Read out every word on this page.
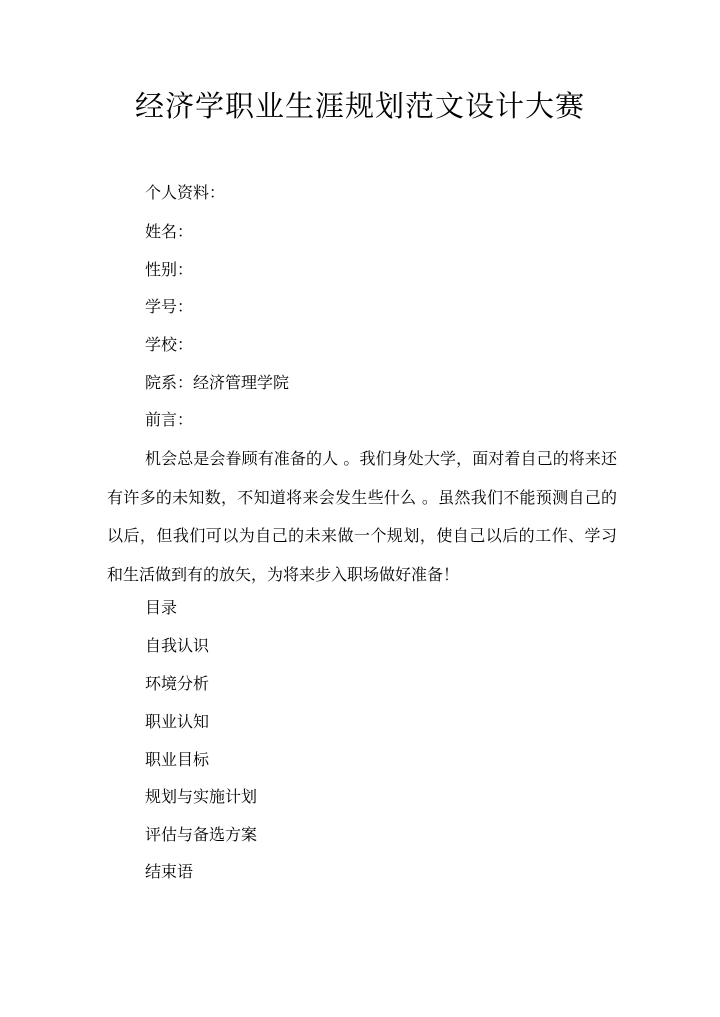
经济学职业生涯规划范文设计大赛

个人资料：

姓名：

性别：

学号：

学校：

院系：经济管理学院

前言：

机会总是会眷顾有准备的人 。我们身处大学，面对着自己的将来还有许多的未知数，不知道将来会发生些什么 。虽然我们不能预测自己的以后，但我们可以为自己的未来做一个规划，使自己以后的工作、学习和生活做到有的放矢，为将来步入职场做好准备！

目录

自我认识

环境分析

职业认知

职业目标

规划与实施计划

评估与备选方案

结束语
